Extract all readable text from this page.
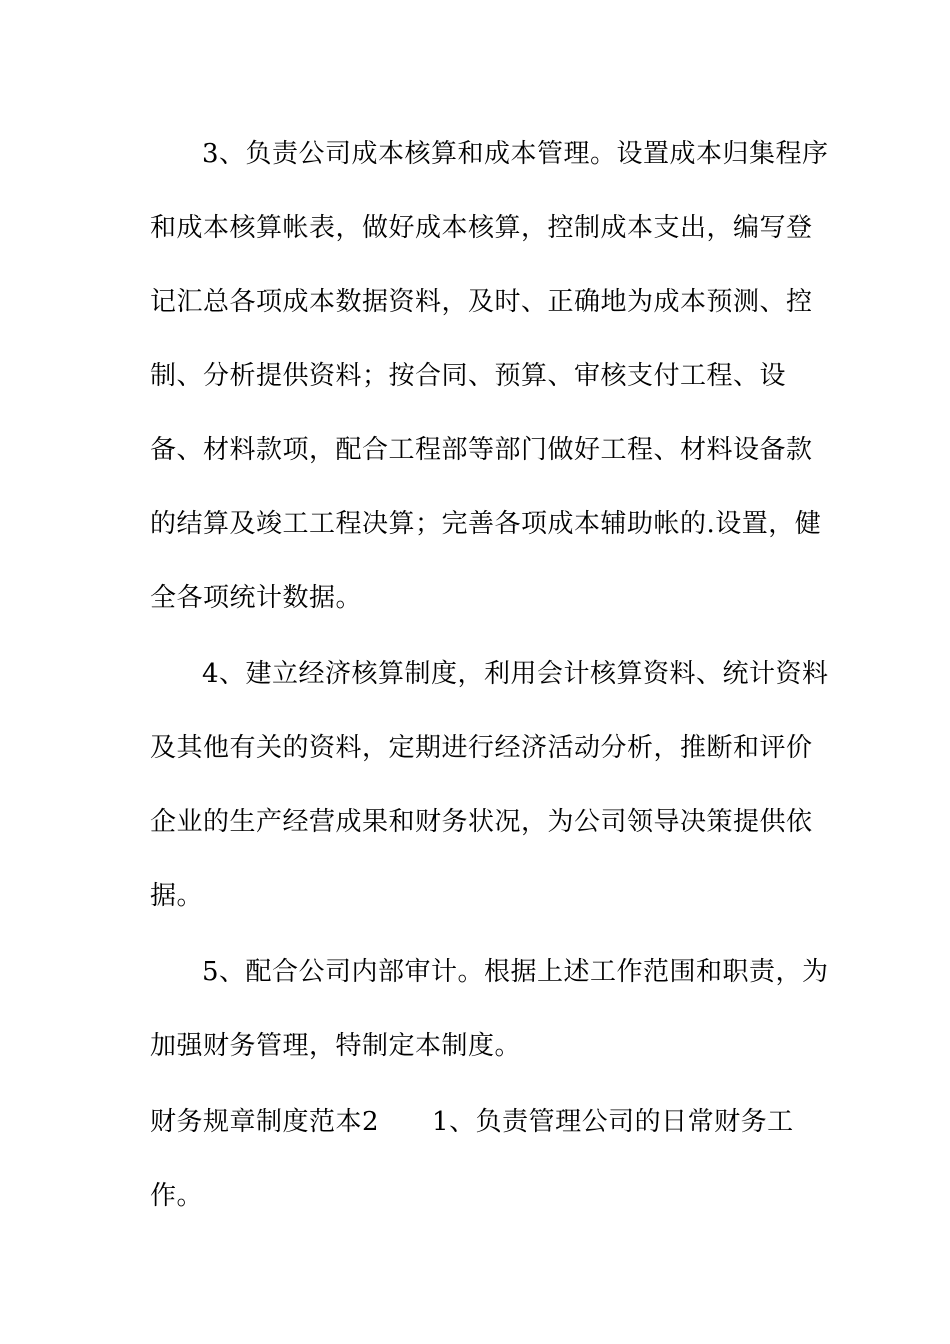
3、负责公司成本核算和成本管理。设置成本归集程序
和成本核算帐表，做好成本核算，控制成本支出，编写登
记汇总各项成本数据资料，及时、正确地为成本预测、控
制、分析提供资料；按合同、预算、审核支付工程、设
备、材料款项，配合工程部等部门做好工程、材料设备款
的结算及竣工工程决算；完善各项成本辅助帐的.设置，健
全各项统计数据。
4、建立经济核算制度，利用会计核算资料、统计资料
及其他有关的资料，定期进行经济活动分析，推断和评价
企业的生产经营成果和财务状况，为公司领导决策提供依
据。
5、配合公司内部审计。根据上述工作范围和职责，为
加强财务管理，特制定本制度。
财务规章制度范本2　　1、负责管理公司的日常财务工
作。
